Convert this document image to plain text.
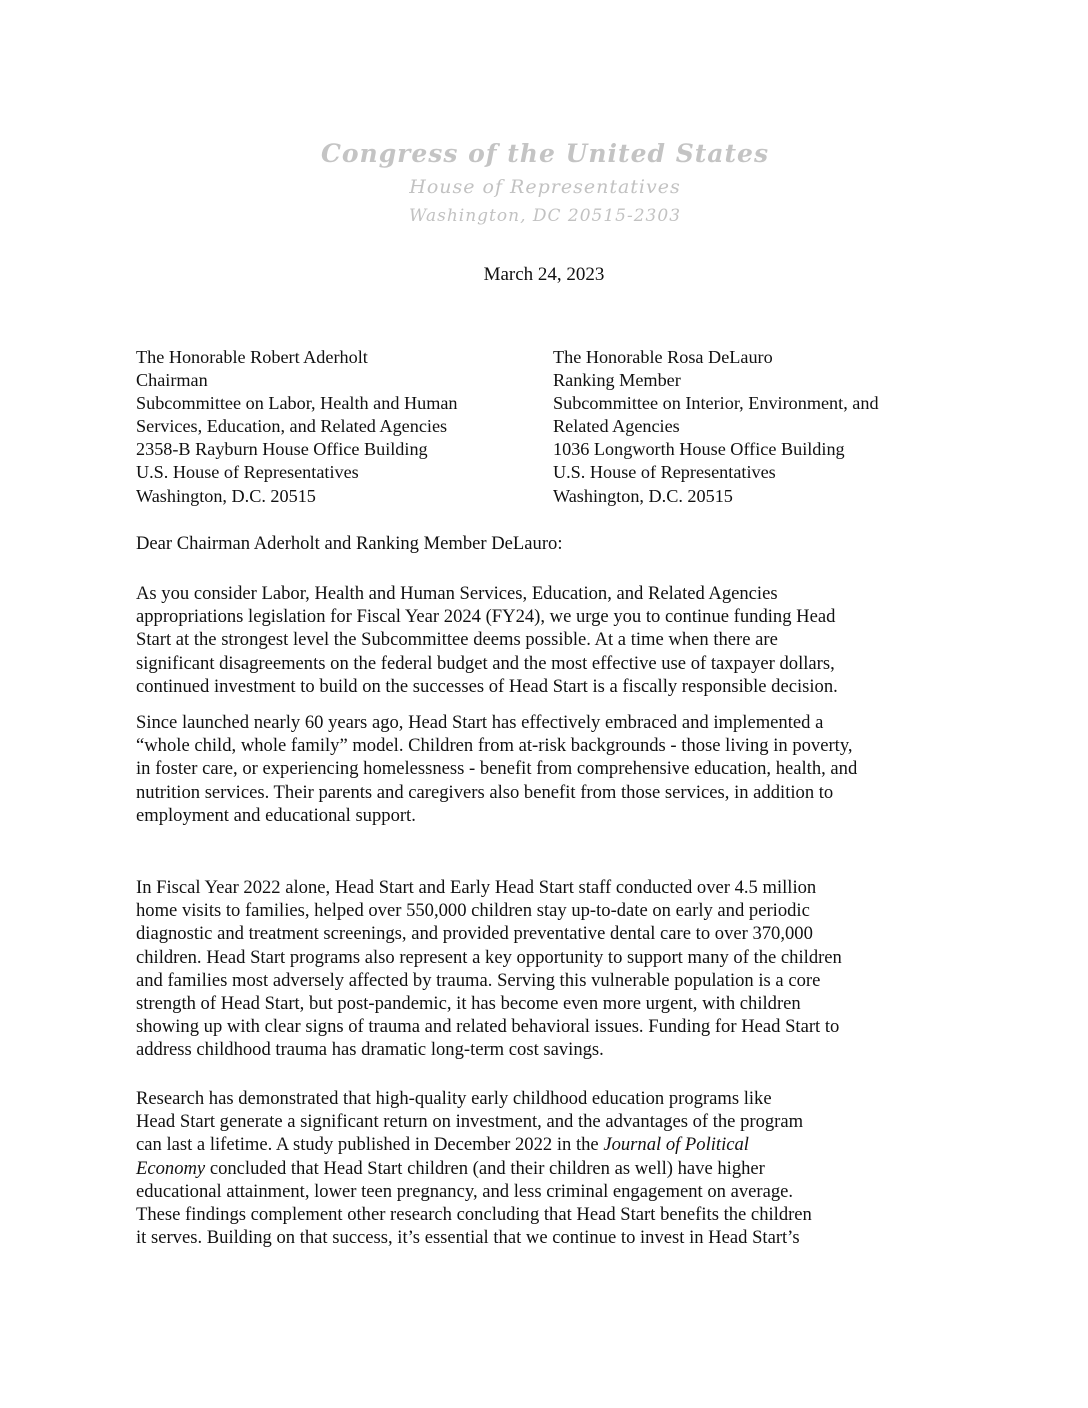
Congress of the United States
House of Representatives
Washington, DC 20515-2303
March 24, 2023
The Honorable Robert Aderholt
Chairman
Subcommittee on Labor, Health and Human
Services, Education, and Related Agencies
2358-B Rayburn House Office Building
U.S. House of Representatives
Washington, D.C. 20515
The Honorable Rosa DeLauro
Ranking Member
Subcommittee on Interior, Environment, and
Related Agencies
1036 Longworth House Office Building
U.S. House of Representatives
Washington, D.C. 20515
Dear Chairman Aderholt and Ranking Member DeLauro:
As you consider Labor, Health and Human Services, Education, and Related Agencies
appropriations legislation for Fiscal Year 2024 (FY24), we urge you to continue funding Head
Start at the strongest level the Subcommittee deems possible. At a time when there are
significant disagreements on the federal budget and the most effective use of taxpayer dollars,
continued investment to build on the successes of Head Start is a fiscally responsible decision.
Since launched nearly 60 years ago, Head Start has effectively embraced and implemented a
“whole child, whole family” model. Children from at-risk backgrounds - those living in poverty,
in foster care, or experiencing homelessness - benefit from comprehensive education, health, and
nutrition services. Their parents and caregivers also benefit from those services, in addition to
employment and educational support.
In Fiscal Year 2022 alone, Head Start and Early Head Start staff conducted over 4.5 million
home visits to families, helped over 550,000 children stay up-to-date on early and periodic
diagnostic and treatment screenings, and provided preventative dental care to over 370,000
children. Head Start programs also represent a key opportunity to support many of the children
and families most adversely affected by trauma. Serving this vulnerable population is a core
strength of Head Start, but post-pandemic, it has become even more urgent, with children
showing up with clear signs of trauma and related behavioral issues. Funding for Head Start to
address childhood trauma has dramatic long-term cost savings.
Research has demonstrated that high-quality early childhood education programs like
Head Start generate a significant return on investment, and the advantages of the program
can last a lifetime. A study published in December 2022 in the Journal of Political
Economy concluded that Head Start children (and their children as well) have higher
educational attainment, lower teen pregnancy, and less criminal engagement on average.
These findings complement other research concluding that Head Start benefits the children
it serves. Building on that success, it’s essential that we continue to invest in Head Start’s
